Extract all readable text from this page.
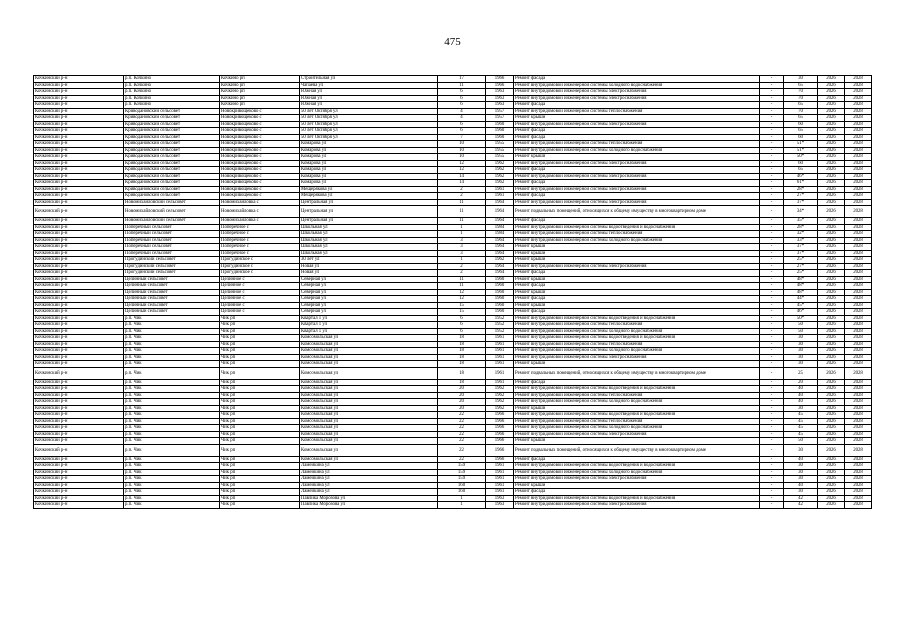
475
Кочкинский р-н	р.п. Кочкино	Кочкино рп	Строительная ул	17	1966	Ремонт фасада	-	30	2026	2028
Кочкинский р-н	р.п. Кочкино	Кочкино рп	Чапаева ул	11	1966	Ремонт внутридомовой инженерной системы холодного водоснабжения	-	65	2026	2028
Кочкинский р-н	р.п. Кочкино	Кочкино рп	Южная ул	6	1963	Ремонт внутридомовой инженерной системы электроснабжения	-	70	2026	2028
Кочкинский р-н	р.п. Кочкино	Кочкино рп	Южная ул	6	1963	Ремонт внутридомовой инженерной системы электроснабжения	-	70	2026	2028
Кочкинский р-н	р.п. Кочкино	Кочкино рп	Южная ул	6	1963	Ремонт фасада	-	65	2026	2028
Кочкинский р-н	Криводановский сельсовет	Новокривощеково с	50 лет Октября ул	4	1957	Ремонт внутридомовой инженерной системы теплоснабжения	-	70	2026	2028
Кочкинский р-н	Криводановский сельсовет	Новокривощеково с	50 лет Октября ул	4	1957	Ремонт крыши	-	65	2026	2028
Кочкинский р-н	Криводановский сельсовет	Новокривощеково с	50 лет Октября ул	6	1960	Ремонт внутридомовой инженерной системы электроснабжения	-	60	2026	2028
Кочкинский р-н	Криводановский сельсовет	Новокривощеково с	50 лет Октября ул	6	1960	Ремонт фасада	-	65	2026	2028
Кочкинский р-н	Криводановский сельсовет	Новокривощеково с	50 лет Октября ул	7	1960	Ремонт фасада	-	60	2026	2028
Кочкинский р-н	Криводановский сельсовет	Новокривощеково с	Комарова ул	10	1955	Ремонт внутридомовой инженерной системы теплоснабжения	-	51*	2026	2028
Кочкинский р-н	Криводановский сельсовет	Новокривощеково с	Комарова ул	10	1955	Ремонт внутридомовой инженерной системы холодного водоснабжения	-	51*	2026	2028
Кочкинский р-н	Криводановский сельсовет	Новокривощеково с	Комарова ул	10	1955	Ремонт крыши	-	50*	2026	2028
Кочкинский р-н	Криводановский сельсовет	Новокривощеково с	Комарова ул	12	1962	Ремонт внутридомовой инженерной системы электроснабжения	-	60	2026	2028
Кочкинский р-н	Криводановский сельсовет	Новокривощеково с	Комарова ул	12	1962	Ремонт фасада	-	65	2026	2028
Кочкинский р-н	Криводановский сельсовет	Новокривощеково с	Комарова ул	14	1962	Ремонт внутридомовой инженерной системы электроснабжения	-	46*	2026	2028
Кочкинский р-н	Криводановский сельсовет	Новокривощеково с	Комарова ул	14	1962	Ремонт фасада	-	61*	2026	2028
Кочкинский р-н	Криводановский сельсовет	Новокривощеково с	Мещерякова ул	2	1961	Ремонт внутридомовой инженерной системы электроснабжения	-	28*	2026	2028
Кочкинский р-н	Криводановский сельсовет	Новокривощеково с	Мещерякова ул	2	1961	Ремонт фасада	-	27*	2026	2028
Кочкинский р-н	Новомихайловский сельсовет	Новомихайловка с	Центральная ул	11	1964	Ремонт внутридомовой инженерной системы электроснабжения	-	37*	2026	2028
Кочкинский р-н	Новомихайловский сельсовет	Новомихайловка с	Центральная ул	11	1964	Ремонт подвальных помещений, относящихся к общему имуществу в многоквартирном доме	-	34*	2026	2028
Кочкинский р-н	Новомихайловский сельсовет	Новомихайловка с	Центральная ул	11	1964	Ремонт фасада	-	35*	2026	2028
Кочкинский р-н	Поперечный сельсовет	Поперечное с	Школьная ул	1	1984	Ремонт внутридомовой инженерной системы водоотведения и водоснабжения	-	28*	2026	2028
Кочкинский р-н	Поперечный сельсовет	Поперечное с	Школьная ул	1	1984	Ремонт внутридомовой инженерной системы теплоснабжения	-	32*	2026	2028
Кочкинский р-н	Поперечный сельсовет	Поперечное с	Школьная ул	3	1964	Ремонт внутридомовой инженерной системы холодного водоснабжения	-	33*	2026	2028
Кочкинский р-н	Поперечный сельсовет	Поперечное с	Школьная ул	3	1964	Ремонт крыши	-	37*	2026	2028
Кочкинский р-н	Поперечный сельсовет	Поперечное с	Школьная ул	3	1964	Ремонт крыши	-	37*	2026	2028
Кочкинский р-н	Прогудинский сельсовет	Прогудинское с	30 лет ул	1	1962	Ремонт крыши	-	25*	2026	2028
Кочкинский р-н	Прогудинский сельсовет	Прогудинское с	Новая ул	2	1964	Ремонт внутридомовой инженерной системы электроснабжения	-	27*	2026	2028
Кочкинский р-н	Прогудинский сельсовет	Прогудинское с	Новая ул	2	1964	Ремонт фасада	-	25*	2026	2028
Кочкинский р-н	Целинный сельсовет	Целинное с	Северная ул	11	1960	Ремонт крыши	-	48*	2026	2028
Кочкинский р-н	Целинный сельсовет	Целинное с	Северная ул	11	1960	Ремонт фасада	-	48*	2026	2028
Кочкинский р-н	Целинный сельсовет	Целинное с	Северная ул	12	1960	Ремонт крыши	-	48*	2026	2028
Кочкинский р-н	Целинный сельсовет	Целинное с	Северная ул	12	1960	Ремонт фасада	-	44*	2026	2028
Кочкинский р-н	Целинный сельсовет	Целинное с	Северная ул	15	1960	Ремонт крыши	-	45*	2026	2028
Кочкинский р-н	Целинный сельсовет	Целинное с	Северная ул	15	1960	Ремонт фасада	-	46*	2026	2028
Кочкинский р-н	р.п. Чик	Чик рп	Квартал 1 ул	6	1952	Ремонт внутридомовой инженерной системы водоотведения и водоснабжения	-	50*	2026	2028
Кочкинский р-н	р.п. Чик	Чик рп	Квартал 1 ул	6	1952	Ремонт внутридомовой инженерной системы теплоснабжения	-	50	2026	2028
Кочкинский р-н	р.п. Чик	Чик рп	Квартал 1 ул	6	1952	Ремонт внутридомовой инженерной системы холодного водоснабжения	-	50	2026	2028
Кочкинский р-н	р.п. Чик	Чик рп	Комсомольская ул	18	1961	Ремонт внутридомовой инженерной системы водоотведения и водоснабжения	-	30	2026	2028
Кочкинский р-н	р.п. Чик	Чик рп	Комсомольская ул	18	1961	Ремонт внутридомовой инженерной системы теплоснабжения	-	30	2026	2028
Кочкинский р-н	р.п. Чик	Чик рп	Комсомольская ул	18	1961	Ремонт внутридомовой инженерной системы холодного водоснабжения	-	30	2026	2028
Кочкинский р-н	р.п. Чик	Чик рп	Комсомольская ул	18	1961	Ремонт внутридомовой инженерной системы электроснабжения	-	30	2026	2028
Кочкинский р-н	р.п. Чик	Чик рп	Комсомольская ул	18	1961	Ремонт крыши	-	30	2026	2028
Кочкинский р-н	р.п. Чик	Чик рп	Комсомольская ул	18	1961	Ремонт подвальных помещений, относящихся к общему имуществу в многоквартирном доме	-	25	2026	2028
Кочкинский р-н	р.п. Чик	Чик рп	Комсомольская ул	18	1961	Ремонт фасада	-	20	2026	2028
Кочкинский р-н	р.п. Чик	Чик рп	Комсомольская ул	20	1962	Ремонт внутридомовой инженерной системы водоотведения и водоснабжения	-	40	2026	2028
Кочкинский р-н	р.п. Чик	Чик рп	Комсомольская ул	20	1962	Ремонт внутридомовой инженерной системы теплоснабжения	-	40	2026	2028
Кочкинский р-н	р.п. Чик	Чик рп	Комсомольская ул	20	1962	Ремонт внутридомовой инженерной системы холодного водоснабжения	-	40	2026	2028
Кочкинский р-н	р.п. Чик	Чик рп	Комсомольская ул	20	1962	Ремонт крыши	-	30	2026	2028
Кочкинский р-н	р.п. Чик	Чик рп	Комсомольская ул	22	1966	Ремонт внутридомовой инженерной системы водоотведения и водоснабжения	-	45	2026	2028
Кочкинский р-н	р.п. Чик	Чик рп	Комсомольская ул	22	1966	Ремонт внутридомовой инженерной системы теплоснабжения	-	45	2026	2028
Кочкинский р-н	р.п. Чик	Чик рп	Комсомольская ул	22	1966	Ремонт внутридомовой инженерной системы холодного водоснабжения	-	45	2026	2028
Кочкинский р-н	р.п. Чик	Чик рп	Комсомольская ул	22	1966	Ремонт внутридомовой инженерной системы электроснабжения	-	45	2026	2028
Кочкинский р-н	р.п. Чик	Чик рп	Комсомольская ул	22	1966	Ремонт крыши	-	50	2026	2028
Кочкинский р-н	р.п. Чик	Чик рп	Комсомольская ул	22	1966	Ремонт подвальных помещений, относящихся к общему имуществу в многоквартирном доме	-	30	2026	2028
Кочкинский р-н	р.п. Чик	Чик рп	Комсомольская ул	22	1966	Ремонт фасада	-	40	2026	2028
Кочкинский р-н	р.п. Чик	Чик рп	Ламейкина ул	159	1961	Ремонт внутридомовой инженерной системы водоотведения и водоснабжения	-	30	2026	2028
Кочкинский р-н	р.п. Чик	Чик рп	Ламейкина ул	159	1961	Ремонт внутридомовой инженерной системы холодного водоснабжения	-	30	2026	2028
Кочкинский р-н	р.п. Чик	Чик рп	Ламейкина ул	159	1961	Ремонт внутридомовой инженерной системы электроснабжения	-	30	2026	2028
Кочкинский р-н	р.п. Чик	Чик рп	Ламейкина ул	160	1961	Ремонт крыши	-	40	2026	2028
Кочкинский р-н	р.п. Чик	Чик рп	Ламейкина ул	160	1961	Ремонт фасада	-	30	2026	2028
Кочкинский р-н	р.п. Чик	Чик рп	Павлика Морозова ул	1	1963	Ремонт внутридомовой инженерной системы водоотведения и водоснабжения	-	42	2026	2028
Кочкинский р-н	р.п. Чик	Чик рп	Павлика Морозова ул	1	1963	Ремонт внутридомовой инженерной системы электроснабжения	-	42	2026	2028
